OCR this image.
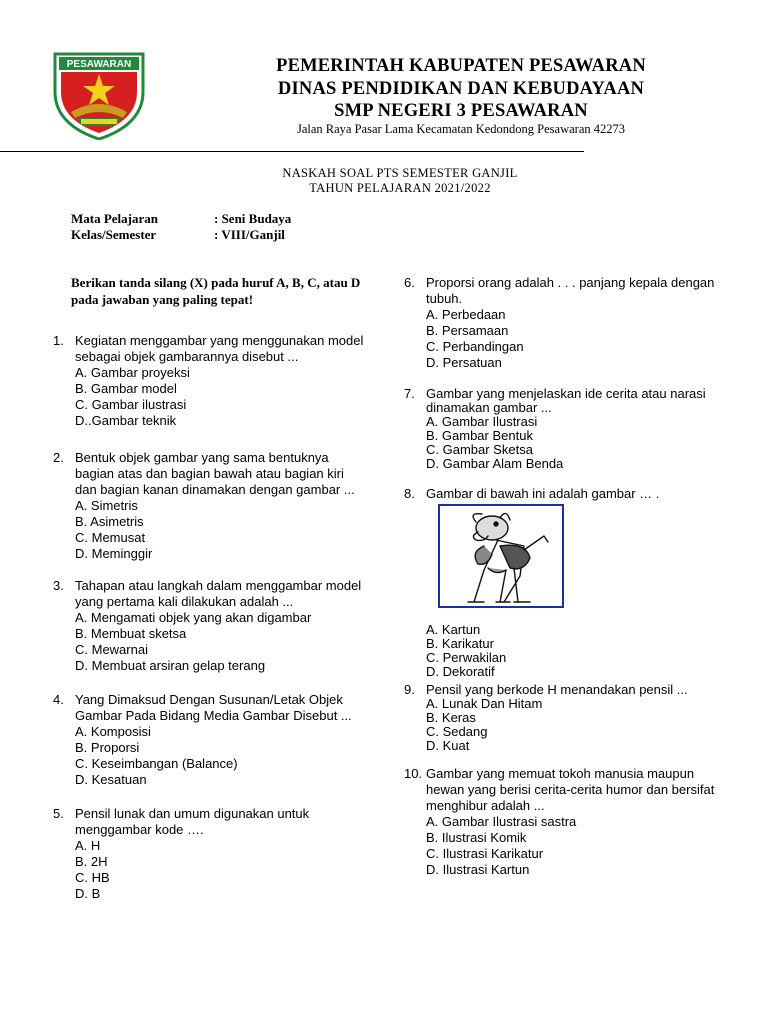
PESAWARAN	PEMERINTAH KABUPATEN PESAWARAN
DINAS PENDIDIKAN DAN KEBUDAYAAN
SMP NEGERI 3 PESAWARAN
Jalan Raya Pasar Lama Kecamatan Kedondong Pesawaran 42273
NASKAH SOAL PTS SEMESTER GANJIL
TAHUN PELAJARAN 2021/2022
Mata Pelajaran	: Seni Budaya
Kelas/Semester	: VIII/Ganjil
Berikan tanda silang (X) pada huruf A, B, C, atau D pada jawaban yang paling tepat!
1. Kegiatan menggambar yang menggunakan model
sebagai objek gambarannya disebut ...
A. Gambar proyeksi
B. Gambar model
C. Gambar ilustrasi
D..Gambar teknik
2. Bentuk objek gambar yang sama bentuknya
bagian atas dan bagian bawah atau bagian kiri
dan bagian kanan dinamakan dengan gambar ...
A. Simetris
B. Asimetris
C. Memusat
D. Meminggir
3. Tahapan atau langkah dalam menggambar model
yang pertama kali dilakukan adalah ...
A. Mengamati objek yang akan digambar
B. Membuat sketsa
C. Mewarnai
D. Membuat arsiran gelap terang
4. Yang Dimaksud Dengan Susunan/Letak Objek
Gambar Pada Bidang Media Gambar Disebut ...
A. Komposisi
B. Proporsi
C. Keseimbangan (Balance)
D. Kesatuan
5. Pensil lunak dan umum digunakan untuk
menggambar kode ….
A. H
B. 2H
C. HB
D. B
6. Proporsi orang adalah . . . panjang kepala dengan
tubuh.
A. Perbedaan
B. Persamaan
C. Perbandingan
D. Persatuan
7. Gambar yang menjelaskan ide cerita atau narasi
dinamakan gambar ...
A. Gambar Ilustrasi
B. Gambar Bentuk
C. Gambar Sketsa
D. Gambar Alam Benda
8. Gambar di bawah ini adalah gambar … .
A. Kartun
B. Karikatur
C. Perwakilan
D. Dekoratif
9. Pensil yang berkode H menandakan pensil ...
A. Lunak Dan Hitam
B. Keras
C. Sedang
D. Kuat
10. Gambar yang memuat tokoh manusia maupun
hewan yang berisi cerita-cerita humor dan bersifat
menghibur adalah ...
A. Gambar Ilustrasi sastra
B. Ilustrasi Komik
C. Ilustrasi Karikatur
D. Ilustrasi Kartun
